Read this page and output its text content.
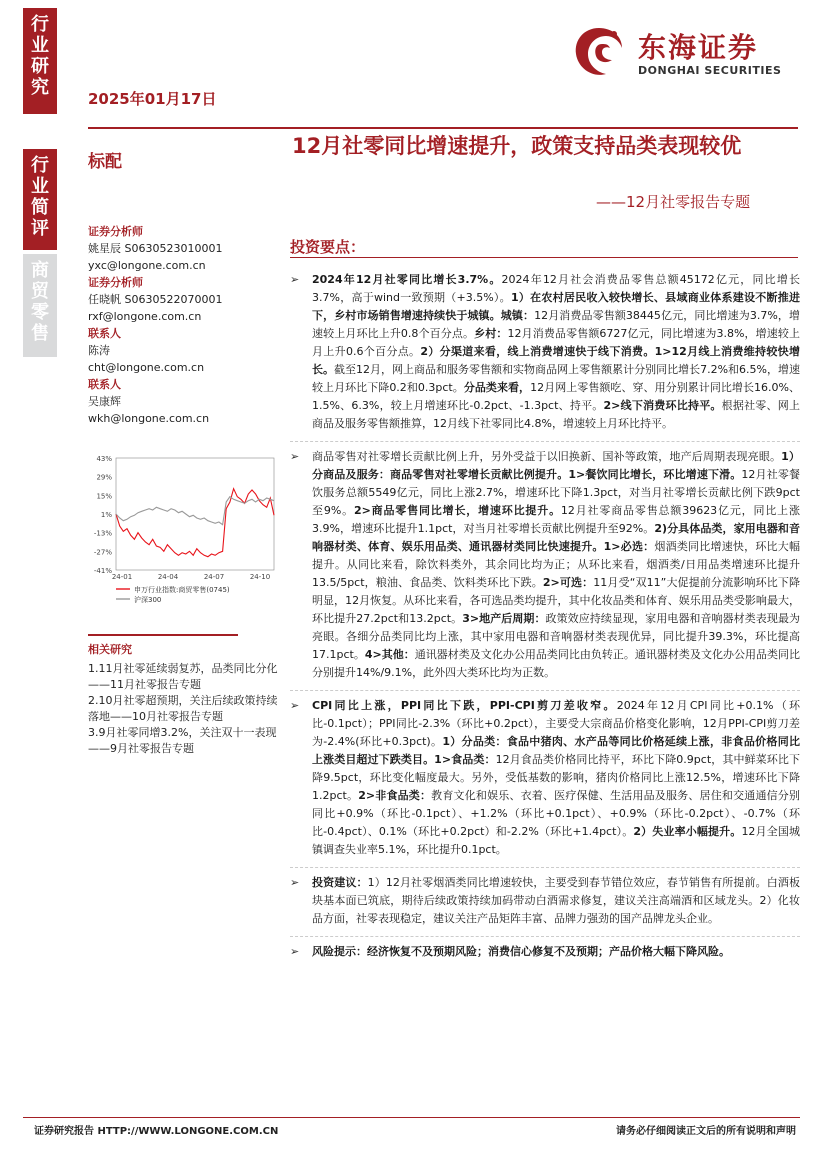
行
业
研
究
行
业
简
评
商
贸
零
售
2025年01月17日
东海证券
DONGHAI SECURITIES
标配
12月社零同比增速提升，政策支持品类表现较优
——12月社零报告专题
证券分析师
姚星辰 S0630523010001
yxc@longone.com.cn
证券分析师
任晓帆 S0630522070001
rxf@longone.com.cn
联系人
陈涛
cht@longone.com.cn
联系人
吴康辉
wkh@longone.com.cn
43%
29%
15%
1%
-13%
-27%
-41%
24-01	24-04	24-07	24-10
申万行业指数:商贸零售(0745)
沪深300
相关研究
1.11月社零延续弱复苏，品类同比分化——11月社零报告专题
2.10月社零超预期，关注后续政策持续落地——10月社零报告专题
3.9月社零同增3.2%，关注双十一表现——9月社零报告专题
投资要点：
➢ 2024年12月社零同比增长3.7%。2024年12月社会消费品零售总额45172亿元，同比增长3.7%，高于wind一致预期（+3.5%）。1）在农村居民收入较快增长、县域商业体系建设不断推进下，乡村市场销售增速持续快于城镇。城镇：12月消费品零售额38445亿元，同比增速为3.7%，增速较上月环比上升0.8个百分点。乡村：12月消费品零售额6727亿元，同比增速为3.8%，增速较上月上升0.6个百分点。2）分渠道来看，线上消费增速快于线下消费。1>12月线上消费维持较快增长。截至12月，网上商品和服务零售额和实物商品网上零售额累计分别同比增长7.2%和6.5%，增速较上月环比下降0.2和0.3pct。分品类来看，12月网上零售额吃、穿、用分别累计同比增长16.0%、1.5%、6.3%，较上月增速环比-0.2pct、-1.3pct、持平。2>线下消费环比持平。根据社零、网上商品及服务零售额推算，12月线下社零同比4.8%，增速较上月环比持平。
➢ 商品零售对社零增长贡献比例上升，另外受益于以旧换新、国补等政策，地产后周期表现亮眼。1）分商品及服务：商品零售对社零增长贡献比例提升。1>餐饮同比增长，环比增速下滑。12月社零餐饮服务总额5549亿元，同比上涨2.7%，增速环比下降1.3pct，对当月社零增长贡献比例下跌9pct至9%。2>商品零售同比增长，增速环比提升。12月社零商品零售总额39623亿元，同比上涨3.9%，增速环比提升1.1pct，对当月社零增长贡献比例提升至92%。2)分具体品类，家用电器和音响器材类、体育、娱乐用品类、通讯器材类同比快速提升。1>必选：烟酒类同比增速快，环比大幅提升。从同比来看，除饮料类外，其余同比均为正；从环比来看，烟酒类/日用品类增速环比提升13.5/5pct，粮油、食品类、饮料类环比下跌。2>可选：11月受“双11”大促提前分流影响环比下降明显，12月恢复。从环比来看，各可选品类均提升，其中化妆品类和体育、娱乐用品类受影响最大，环比提升27.2pct和13.2pct。3>地产后周期：政策效应持续显现，家用电器和音响器材类表现最为亮眼。各细分品类同比均上涨，其中家用电器和音响器材类表现优异，同比提升39.3%，环比提高17.1pct。4>其他：通讯器材类及文化办公用品类同比由负转正。通讯器材类及文化办公用品类同比分别提升14%/9.1%，此外四大类环比均为正数。
➢ CPI同比上涨，PPI同比下跌，PPI-CPI剪刀差收窄。2024年12月CPI同比+0.1%（环比-0.1pct）；PPI同比-2.3%（环比+0.2pct），主要受大宗商品价格变化影响，12月PPI-CPI剪刀差为-2.4%(环比+0.3pct)。1）分品类：食品中猪肉、水产品等同比价格延续上涨，非食品价格同比上涨类目超过下跌类目。1>食品类：12月食品类价格同比持平，环比下降0.9pct，其中鲜菜环比下降9.5pct，环比变化幅度最大。另外，受低基数的影响，猪肉价格同比上涨12.5%，增速环比下降1.2pct。2>非食品类：教育文化和娱乐、衣着、医疗保健、生活用品及服务、居住和交通通信分别同比+0.9%（环比-0.1pct）、+1.2%（环比+0.1pct）、+0.9%（环比-0.2pct）、-0.7%（环比-0.4pct）、0.1%（环比+0.2pct）和-2.2%（环比+1.4pct）。2）失业率小幅提升。12月全国城镇调查失业率5.1%，环比提升0.1pct。
➢ 投资建议：1）12月社零烟酒类同比增速较快，主要受到春节错位效应，春节销售有所提前。白酒板块基本面已筑底，期待后续政策持续加码带动白酒需求修复，建议关注高端酒和区域龙头。2）化妆品方面，社零表现稳定，建议关注产品矩阵丰富、品牌力强劲的国产品牌龙头企业。
➢ 风险提示：经济恢复不及预期风险；消费信心修复不及预期；产品价格大幅下降风险。
证券研究报告 HTTP://WWW.LONGONE.COM.CN	请务必仔细阅读正文后的所有说明和声明
